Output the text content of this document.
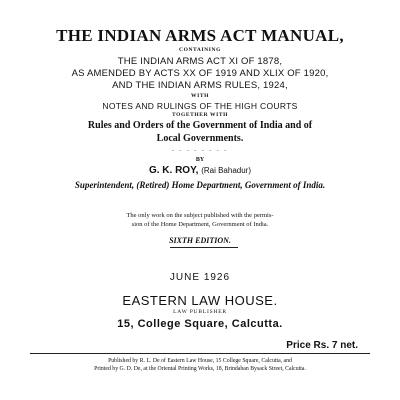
THE INDIAN ARMS ACT MANUAL,
CONTAINING
THE INDIAN ARMS ACT XI OF 1878,
AS AMENDED BY ACTS XX OF 1919 AND XLIX OF 1920,
AND THE INDIAN ARMS RULES, 1924,
WITH
NOTES AND RULINGS OF THE HIGH COURTS
TOGETHER WITH
Rules and Orders of the Government of India and of
Local Governments.
- - - - - - - -
BY
G. K. ROY, (Rai Bahadur)
Superintendent, (Retired) Home Department, Government of India.
The only work on the subject published with the permis-
sion of the Home Department, Government of India.
SIXTH EDITION.
JUNE 1926
EASTERN LAW HOUSE.
LAW PUBLISHER
15, College Square, Calcutta.
Price Rs. 7 net.
Published by R. L. De of Eastern Law House, 15 College Square, Calcutta, and
Printed by G. D. De, at the Oriental Printing Works, 18, Brindaban Bysack Street, Calcutta.
